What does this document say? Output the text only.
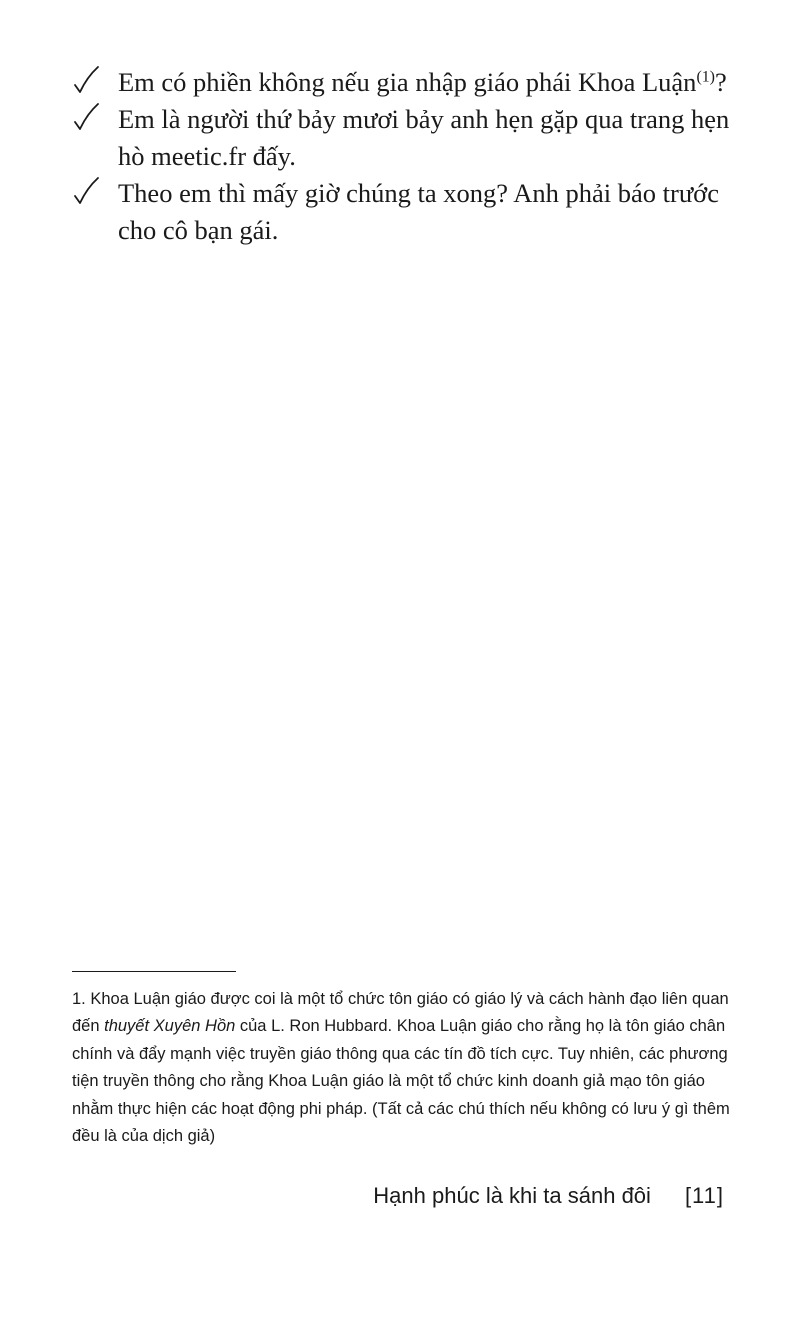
Em có phiền không nếu gia nhập giáo phái Khoa Luận$^{(1)}$?
Em là người thứ bảy mươi bảy anh hẹn gặp qua trang hẹn hò meetic.fr đấy.
Theo em thì mấy giờ chúng ta xong? Anh phải báo trước cho cô bạn gái.

1. Khoa Luận giáo được coi là một tổ chức tôn giáo có giáo lý và cách hành đạo liên quan đến thuyết Xuyên Hồn của L. Ron Hubbard. Khoa Luận giáo cho rằng họ là tôn giáo chân chính và đẩy mạnh việc truyền giáo thông qua các tín đồ tích cực. Tuy nhiên, các phương tiện truyền thông cho rằng Khoa Luận giáo là một tổ chức kinh doanh giả mạo tôn giáo nhằm thực hiện các hoạt động phi pháp. (Tất cả các chú thích nếu không có lưu ý gì thêm đều là của dịch giả)

Hạnh phúc là khi ta sánh đôi [11]
